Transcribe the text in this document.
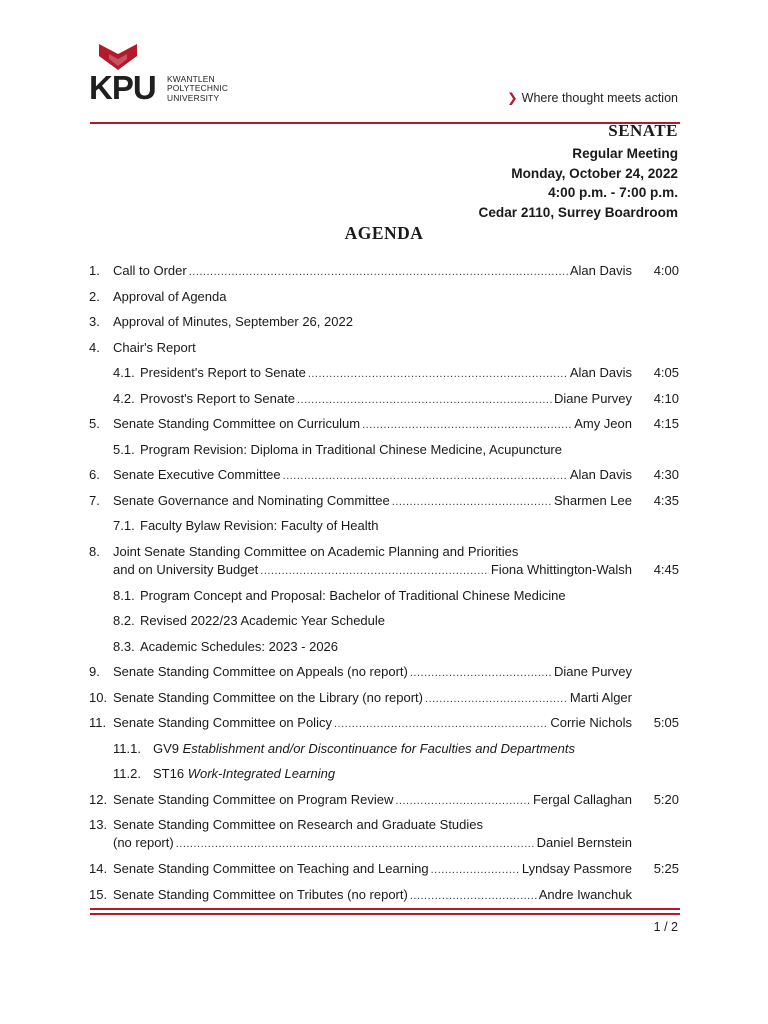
KPU KWANTLEN
POLYTECHNIC
UNIVERSITY	❯ Where thought meets action
SENATE
Regular Meeting
Monday, October 24, 2022
4:00 p.m. - 7:00 p.m.
Cedar 2110, Surrey Boardroom
AGENDA
1.	Call to Order .....	Alan Davis 4:00
2.	Approval of Agenda
3.	Approval of Minutes, September 26, 2022
4.	Chair's Report
4.1. President's Report to Senate .....	Alan Davis 4:05
4.2. Provost's Report to Senate .....	Diane Purvey 4:10
5.	Senate Standing Committee on Curriculum .....	Amy Jeon 4:15
5.1. Program Revision: Diploma in Traditional Chinese Medicine, Acupuncture
6.	Senate Executive Committee .....	Alan Davis 4:30
7.	Senate Governance and Nominating Committee .....	Sharmen Lee 4:35
7.1. Faculty Bylaw Revision: Faculty of Health
8.	Joint Senate Standing Committee on Academic Planning and Priorities
and on University Budget .....	Fiona Whittington-Walsh 4:45
8.1. Program Concept and Proposal: Bachelor of Traditional Chinese Medicine
8.2. Revised 2022/23 Academic Year Schedule
8.3. Academic Schedules: 2023 - 2026
9.	Senate Standing Committee on Appeals (no report) .....	Diane Purvey
10. Senate Standing Committee on the Library (no report) .....	Marti Alger
11. Senate Standing Committee on Policy .....	Corrie Nichols 5:05
11.1. GV9
Establishment and/or Discontinuance for Faculties and Departments
11.2. ST16
Work-Integrated Learning
12. Senate Standing Committee on Program Review .....	Fergal Callaghan 5:20
13. Senate Standing Committee on Research and Graduate Studies
(no report) .....	Daniel Bernstein
14. Senate Standing Committee on Teaching and Learning .....	Lyndsay Passmore 5:25
15. Senate Standing Committee on Tributes (no report) .....	Andre Iwanchuk
1 / 2
